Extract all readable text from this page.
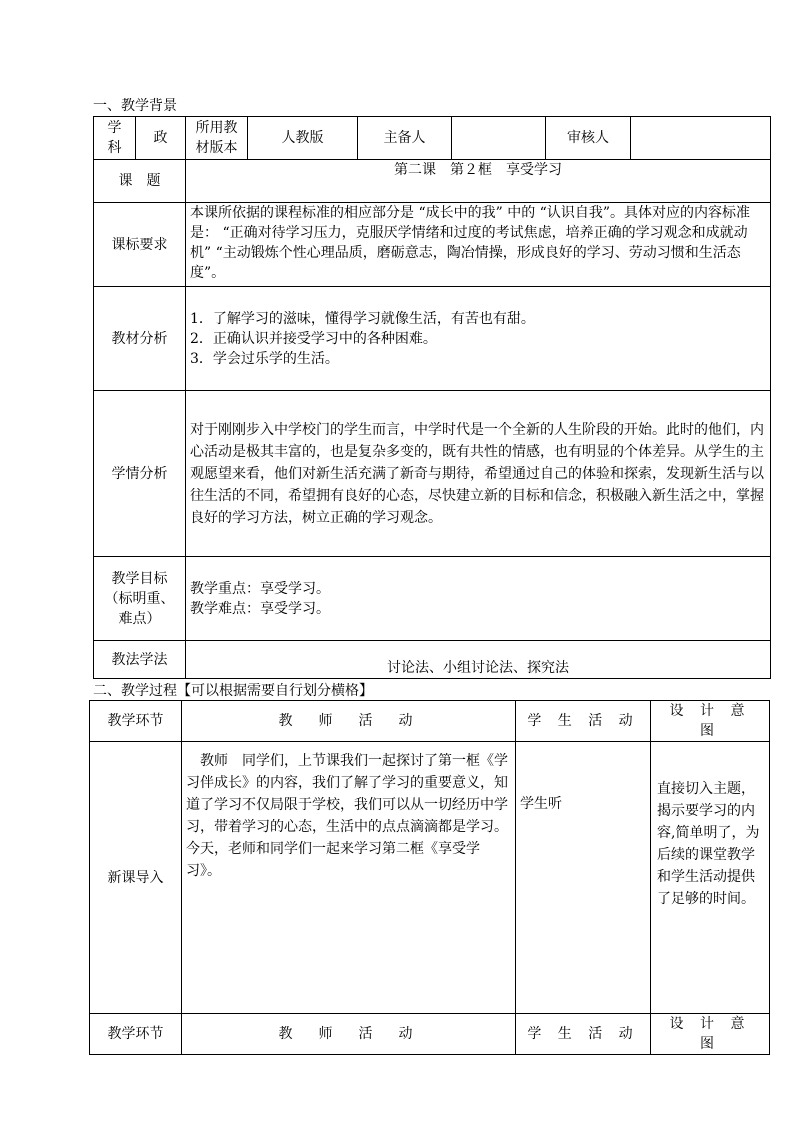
一、教学背景
学　科	政	所用教材版本	人教版	主备人		审核人	
课　题		第二课　第２框　享受学习					
课标要求		本课所依据的课程标准的相应部分是 “成长中的我” 中的 “认识自我”。具体对应的内容标准是： “正确对待学习压力，克服厌学情绪和过度的考试焦虑，培养正确的学习观念和成就动机” “主动锻炼个性心理品质，磨砺意志，陶冶情操，形成良好的学习、劳动习惯和生活态度”。					
教材分析		1．了解学习的滋味，懂得学习就像生活，有苦也有甜。
2．正确认识并接受学习中的各种困难。
3．学会过乐学的生活。					

学情分析		对于刚刚步入中学校门的学生而言，中学时代是一个全新的人生阶段的开始。此时的他们，内心活动是极其丰富的，也是复杂多变的，既有共性的情感，也有明显的个体差异。从学生的主观愿望来看，他们对新生活充满了新奇与期待，希望通过自己的体验和探索，发现新生活与以往生活的不同，希望拥有良好的心态，尽快建立新的目标和信念，积极融入新生活之中，掌握良好的学习方法，树立正确的学习观念。					
教学目标（标明重、难点）		教学重点：享受学习。
教学难点：享受学习。					

教法学法		讨论法、小组讨论法、探究法					
二、教学过程【可以根据需要自行划分横格】
教学环节	教　师　活　动	学 生 活 动	设 计 意 图
新课导入	教师　同学们，上节课我们一起探讨了第一框《学习伴成长》的内容，我们了解了学习的重要意义，知道了学习不仅局限于学校，我们可以从一切经历中学习，带着学习的心态，生活中的点点滴滴都是学习。今天，老师和同学们一起来学习第二框《享受学习》。	学生听	直接切入主题，揭示要学习的内容,简单明了，为后续的课堂教学和学生活动提供了足够的时间。
教学环节	教　师　活　动	学 生 活 动	设 计 意 图
